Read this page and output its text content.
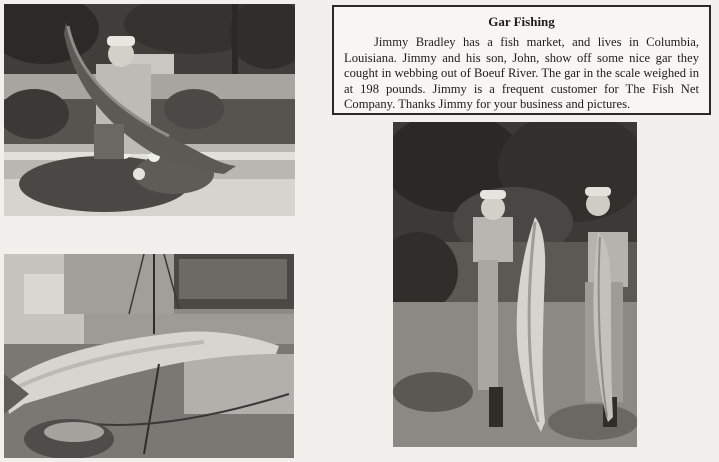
Gar Fishing

Jimmy Bradley has a fish market, and lives in Columbia, Louisiana. Jimmy and his son, John, show off some nice gar they cought in webbing out of Boeuf River. The gar in the scale weighed in at 198 pounds. Jimmy is a frequent customer for The Fish Net Company. Thanks Jimmy for your business and pictures.
